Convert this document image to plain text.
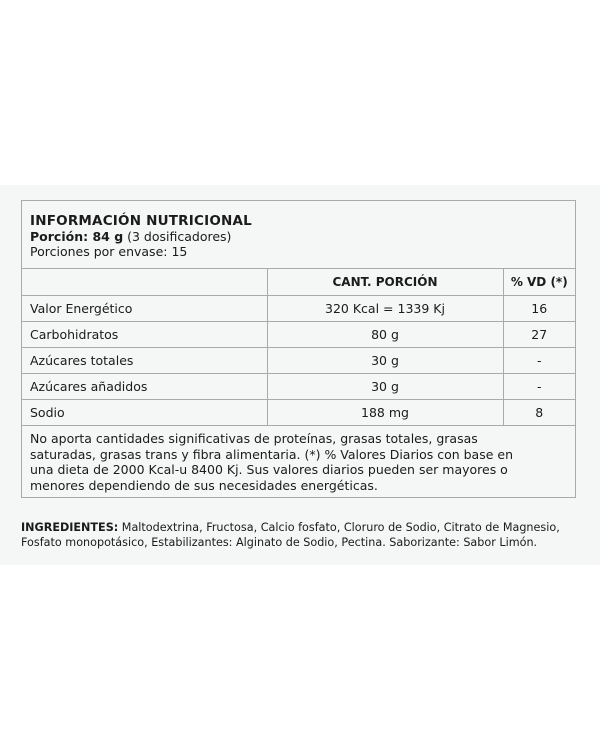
INFORMACIÓN NUTRICIONAL
Porción: 84 g (3 dosificadores)
Porciones por envase: 15
	CANT. PORCIÓN	% VD (*)
Valor Energético	320 Kcal = 1339 Kj	16
Carbohidratos	80 g	27
Azúcares totales	30 g	-
Azúcares añadidos	30 g	-
Sodio	188 mg	8
No aporta cantidades significativas de proteínas, grasas totales, grasas
saturadas, grasas trans y fibra alimentaria. (*) % Valores Diarios con base en
una dieta de 2000 Kcal-u 8400 Kj. Sus valores diarios pueden ser mayores o
menores dependiendo de sus necesidades energéticas.
INGREDIENTES: Maltodextrina, Fructosa, Calcio fosfato, Cloruro de Sodio, Citrato de Magnesio,
Fosfato monopotásico, Estabilizantes: Alginato de Sodio, Pectina. Saborizante: Sabor Limón.
